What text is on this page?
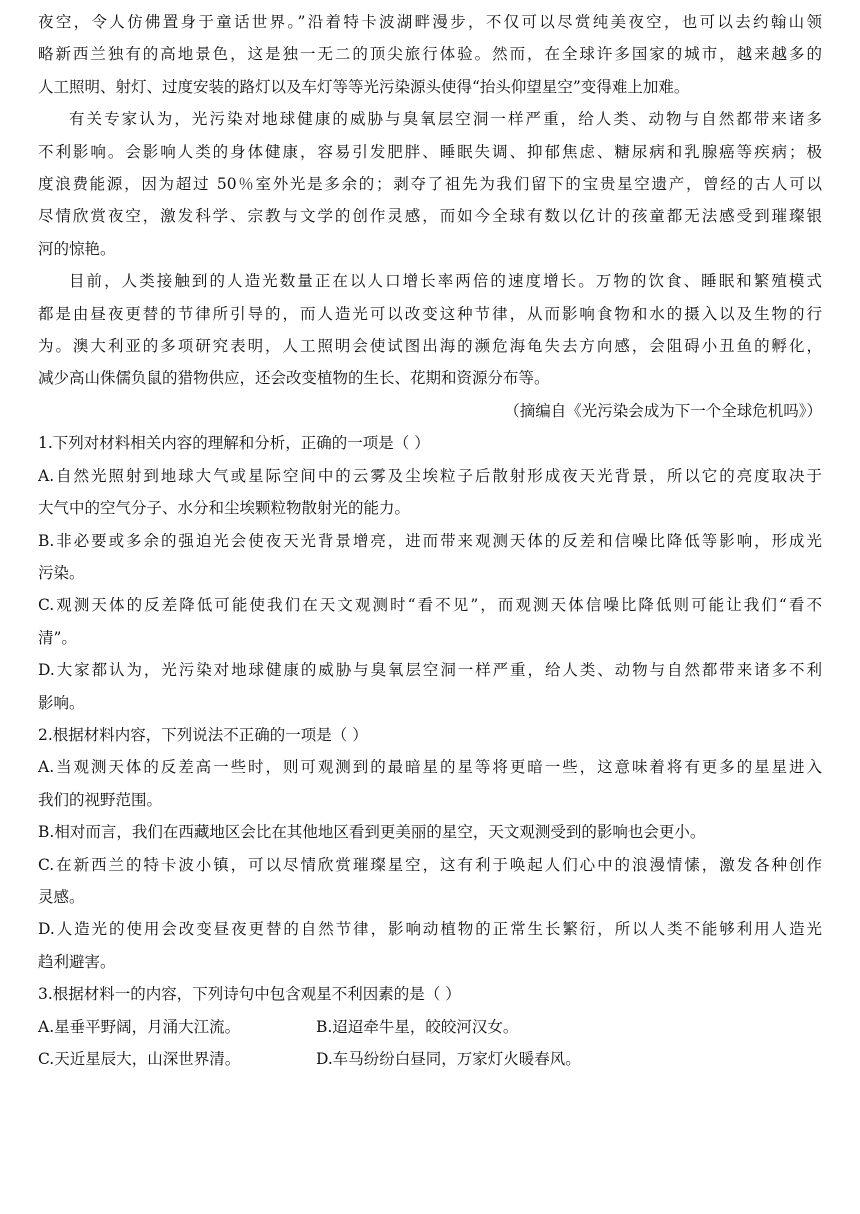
夜空，令人仿佛置身于童话世界。”沿着特卡波湖畔漫步，不仅可以尽赏纯美夜空，也可以去约翰山领

略新西兰独有的高地景色，这是独一无二的顶尖旅行体验。然而，在全球许多国家的城市，越来越多的

人工照明、射灯、过度安装的路灯以及车灯等等光污染源头使得“抬头仰望星空”变得难上加难。

有关专家认为，光污染对地球健康的威胁与臭氧层空洞一样严重，给人类、动物与自然都带来诸多

不利影响。会影响人类的身体健康，容易引发肥胖、睡眠失调、抑郁焦虑、糖尿病和乳腺癌等疾病；极

度浪费能源，因为超过 50％室外光是多余的；剥夺了祖先为我们留下的宝贵星空遗产，曾经的古人可以

尽情欣赏夜空，激发科学、宗教与文学的创作灵感，而如今全球有数以亿计的孩童都无法感受到璀璨银

河的惊艳。

目前，人类接触到的人造光数量正在以人口增长率两倍的速度增长。万物的饮食、睡眠和繁殖模式

都是由昼夜更替的节律所引导的，而人造光可以改变这种节律，从而影响食物和水的摄入以及生物的行

为。澳大利亚的多项研究表明，人工照明会使试图出海的濒危海龟失去方向感，会阻碍小丑鱼的孵化，

减少高山侏儒负鼠的猎物供应，还会改变植物的生长、花期和资源分布等。

（摘编自《光污染会成为下一个全球危机吗》）

1.下列对材料相关内容的理解和分析，正确的一项是（ ）

A.自然光照射到地球大气或星际空间中的云雾及尘埃粒子后散射形成夜天光背景，所以它的亮度取决于

大气中的空气分子、水分和尘埃颗粒物散射光的能力。

B.非必要或多余的强迫光会使夜天光背景增亮，进而带来观测天体的反差和信噪比降低等影响，形成光

污染。

C.观测天体的反差降低可能使我们在天文观测时“看不见”，而观测天体信噪比降低则可能让我们“看不

清”。

D.大家都认为，光污染对地球健康的威胁与臭氧层空洞一样严重，给人类、动物与自然都带来诸多不利

影响。

2.根据材料内容，下列说法不正确的一项是（ ）

A.当观测天体的反差高一些时，则可观测到的最暗星的星等将更暗一些，这意味着将有更多的星星进入

我们的视野范围。

B.相对而言，我们在西藏地区会比在其他地区看到更美丽的星空，天文观测受到的影响也会更小。

C.在新西兰的特卡波小镇，可以尽情欣赏璀璨星空，这有利于唤起人们心中的浪漫情愫，激发各种创作

灵感。

D.人造光的使用会改变昼夜更替的自然节律，影响动植物的正常生长繁衍，所以人类不能够利用人造光

趋利避害。

3.根据材料一的内容，下列诗句中包含观星不利因素的是（ ）

A.星垂平野阔，月涌大江流。	B.迢迢牵牛星，皎皎河汉女。
C.天近星辰大，山深世界清。	D.车马纷纷白昼同，万家灯火暖春风。
